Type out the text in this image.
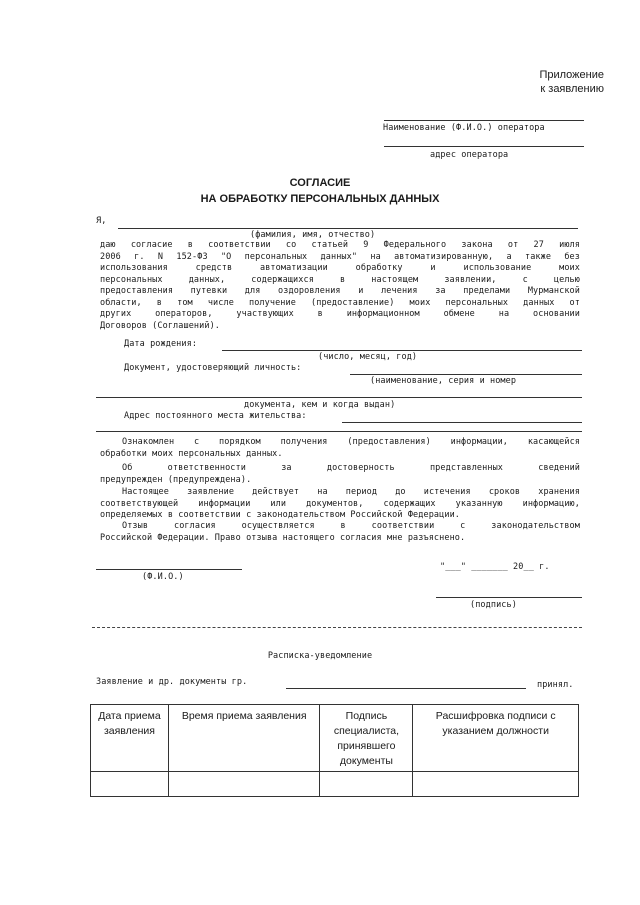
Приложение
к заявлению
Наименование (Ф.И.О.) оператора
адрес оператора
СОГЛАСИЕ
НА ОБРАБОТКУ ПЕРСОНАЛЬНЫХ ДАННЫХ
Я,
(фамилия, имя, отчество)
даю согласие в соответствии со статьей 9 Федерального закона от 27 июля
2006 г. N 152-ФЗ "О персональных данных" на автоматизированную, а также без
использования средств автоматизации обработку и использование моих
персональных данных, содержащихся в настоящем заявлении, с целью
предоставления путевки для оздоровления и лечения за пределами Мурманской
области, в том числе получение (предоставление) моих персональных данных от
других операторов, участвующих в информационном обмене на основании
Договоров (Соглашений).
Дата рождения:
(число, месяц, год)
Документ, удостоверяющий личность:
(наименование, серия и номер
документа, кем и когда выдан)
Адрес постоянного места жительства:
Ознакомлен с порядком получения (предоставления) информации, касающейся
обработки моих персональных данных.
Об ответственности за достоверность представленных сведений
предупрежден (предупреждена).
Настоящее заявление действует на период до истечения сроков хранения
соответствующей информации или документов, содержащих указанную информацию,
определяемых в соответствии с законодательством Российской Федерации.
Отзыв согласия осуществляется в соответствии с законодательством
Российской Федерации. Право отзыва настоящего согласия мне разъяснено.
(Ф.И.О.)
"___" _______ 20__ г.
(подпись)
Расписка-уведомление
Заявление и др. документы гр.	принял.
Дата приема заявления	Время приема заявления	Подпись специалиста, принявшего документы	Расшифровка подписи с указанием должности
